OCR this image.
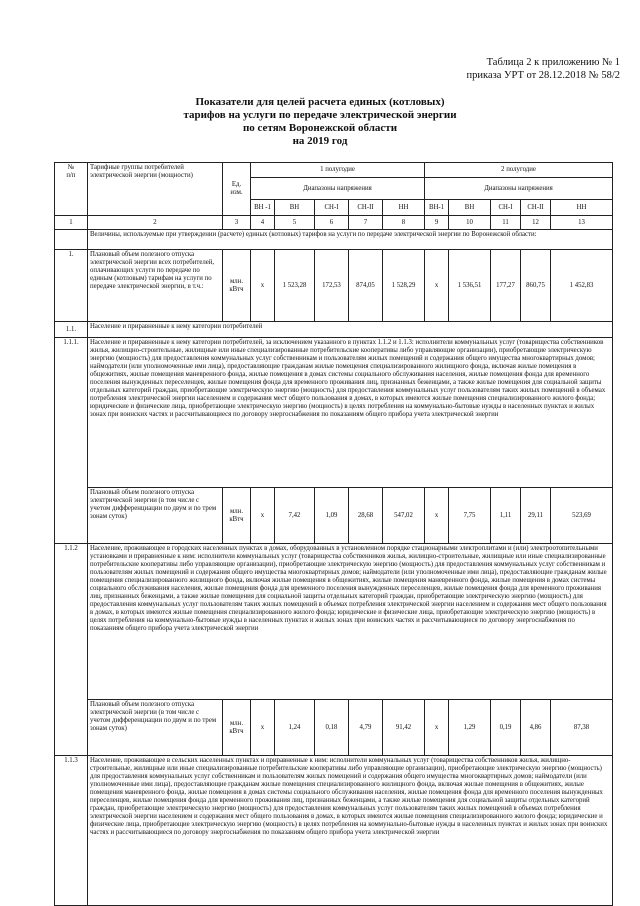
Таблица 2 к приложению № 1
приказа УРТ от 28.12.2018 № 58/2
Показатели для целей расчета единых (котловых)
тарифов на услуги по передаче электрической энергии
по сетям Воронежской области
на 2019 год
№
п/п	Тарифные группы потребителей электрической энергии (мощности)	Ед. изм.	1 полугодие					2 полугодие				
			Диапазоны напряжения					Диапазоны напряжения				
			ВН -1	ВН	СН-I	СН-II	НН	ВН-1	ВН	СН-I	СН-II	НН
1	2	3	4	5	6	7	8	9	10	11	12	13
	Величины, используемые при утверждении (расчете) единых (котловых) тарифов на услуги по передаче электрической энергии по Воронежской области:											
1.	Плановый объем полезного отпуска электрической энергии всех потребителей, оплачивающих услуги по передаче по единым (котловым) тарифам на услуги по передаче электрической энергии, в т.ч.:	млн. кВтч	х	1 523,28	172,53	874,05	1 528,29	х	1 536,51	177,27	860,75	1 452,83
1.1.	Население и приравненные к нему категории потребителей											
1.1.1.	Население и приравненные к нему категории потребителей, за исключением указанного в пунктах 1.1.2 и 1.1.3: исполнители коммунальных услуг (товарищества собственников жилья, жилищно-строительные, жилищные или иные специализированные потребительские кооперативы либо управляющие организации), приобретающие электрическую энергию (мощность) для предоставления коммунальных услуг собственникам и пользователям жилых помещений и содержания общего имущества многоквартирных домов; наймодатели (или уполномоченные ими лица), предоставляющие гражданам жилые помещения специализированного жилищного фонда, включая жилые помещения в общежитиях, жилые помещения маневренного фонда, жилые помещения в домах системы социального обслуживания населения, жилые помещения фонда для временного поселения вынужденных переселенцев, жилые помещения фонда для временного проживания лиц, признанных беженцами, а также жилые помещения для социальной защиты отдельных категорий граждан, приобретающие электрическую энергию (мощность) для предоставления коммунальных услуг пользователям таких жилых помещений в объемах потребления электрической энергии населением и содержания мест общего пользования в домах, в которых имеются жилые помещения специализированного жилого фонда; юридические и физические лица, приобретающие электрическую энергию (мощность) в целях потребления на коммунально-бытовые нужды в населенных пунктах и жилых зонах при воинских частях и рассчитывающиеся по договору энергоснабжения по показаниям общего прибора учета электрической энергии											
	Плановый объем полезного отпуска электрической энергии (в том числе с учетом дифференциации по двум и по трем зонам суток)	млн. кВтч	х	7,42	1,09	28,68	547,02	х	7,75	1,11	29,11	523,69
1.1.2	Население, проживающее в городских населенных пунктах в домах, оборудованных в установленном порядке стационарными электроплитами и (или) электроотопительными установками и приравненные к ним: исполнители коммунальных услуг (товарищества собственников жилья, жилищно-строительные, жилищные или иные специализированные потребительские кооперативы либо управляющие организации), приобретающие электрическую энергию (мощность) для предоставления коммунальных услуг собственникам и пользователям жилых помещений и содержания общего имущества многоквартирных домов; наймодатели (или уполномоченные ими лица), предоставляющие гражданам жилые помещения специализированного жилищного фонда, включая жилые помещения в общежитиях, жилые помещения маневренного фонда, жилые помещения в домах системы социального обслуживания населения, жилые помещения фонда для временного поселения вынужденных переселенцев, жилые помещения фонда для временного проживания лиц, признанных беженцами, а также жилые помещения для социальной защиты отдельных категорий граждан, приобретающие электрическую энергию (мощность) для предоставления коммунальных услуг пользователям таких жилых помещений в объемах потребления электрической энергии населением и содержания мест общего пользования в домах, в которых имеются жилые помещения специализированного жилого фонда; юридические и физические лица, приобретающие электрическую энергию (мощность) в целях потребления на коммунально-бытовые нужды в населенных пунктах и жилых зонах при воинских частях и рассчитывающиеся по договору энергоснабжения по показаниям общего прибора учета электрической энергии											
	Плановый объем полезного отпуска электрической энергии (в том числе с учетом дифференциации по двум и по трем зонам суток)	млн. кВтч	х	1,24	0,18	4,79	91,42	х	1,29	0,19	4,86	87,38
1.1.3	Население, проживающее в сельских населенных пунктах и приравненные к ним: исполнители коммунальных услуг (товарищества собственников жилья, жилищно-строительные, жилищные или иные специализированные потребительские кооперативы либо управляющие организации), приобретающие электрическую энергию (мощность) для предоставления коммунальных услуг собственникам и пользователям жилых помещений и содержания общего имущества многоквартирных домов; наймодатели (или уполномоченные ими лица), предоставляющие гражданам жилые помещения специализированного жилищного фонда, включая жилые помещения в общежитиях, жилые помещения маневренного фонда, жилые помещения в домах системы социального обслуживания населения, жилые помещения фонда для временного поселения вынужденных переселенцев, жилые помещения фонда для временного проживания лиц, признанных беженцами, а также жилые помещения для социальной защиты отдельных категорий граждан, приобретающие электрическую энергию (мощность) для предоставления коммунальных услуг пользователям таких жилых помещений в объемах потребления электрической энергии населением и содержания мест общего пользования в домах, в которых имеются жилые помещения специализированного жилого фонда; юридические и физические лица, приобретающие электрическую энергию (мощность) в целях потребления на коммунально-бытовые нужды в населенных пунктах и жилых зонах при воинских частях и рассчитывающиеся по договору энергоснабжения по показаниям общего прибора учета электрической энергии											
